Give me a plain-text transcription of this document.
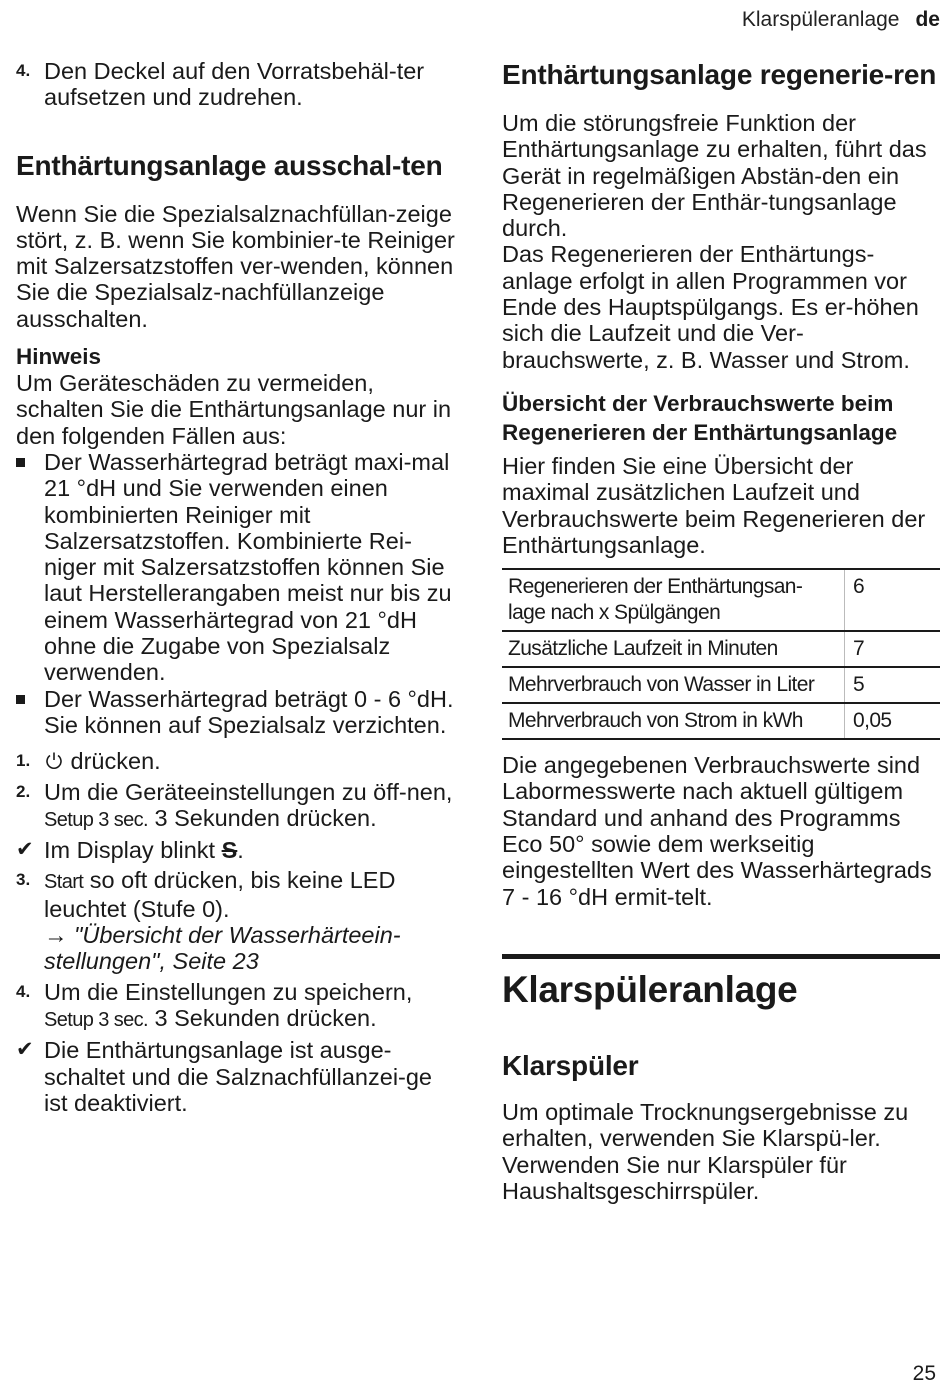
Klarspüleranlage de
4. Den Deckel auf den Vorratsbehäl-ter aufsetzen und zudrehen.
Enthärtungsanlage ausschal-ten

Wenn Sie die Spezialsalznachfüllan-zeige stört, z. B. wenn Sie kombinier-te Reiniger mit Salzersatzstoffen ver-wenden, können Sie die Spezialsalz-nachfüllanzeige ausschalten.

Hinweis

Um Geräteschäden zu vermeiden, schalten Sie die Enthärtungsanlage nur in den folgenden Fällen aus:

Der Wasserhärtegrad beträgt maxi-mal 21 °dH und Sie verwenden einen kombinierten Reiniger mit Salzersatzstoffen. Kombinierte Rei-niger mit Salzersatzstoffen können Sie laut Herstellerangaben meist nur bis zu einem Wasserhärtegrad von 21 °dH ohne die Zugabe von Spezialsalz verwenden.
Der Wasserhärtegrad beträgt 0 - 6 °dH. Sie können auf Spezialsalz verzichten.
1.	drücken.
2. Um die Geräteeinstellungen zu öff-nen, Setup 3 sec. 3 Sekunden drücken.
✔ Im Display blinkt S.
3. Start so oft drücken, bis keine LED leuchtet (Stufe 0).
→ "Übersicht der Wasserhärteein-stellungen", Seite 23
4. Um die Einstellungen zu speichern, Setup 3 sec. 3 Sekunden drücken.
✔ Die Enthärtungsanlage ist ausge-schaltet und die Salznachfüllanzei-ge ist deaktiviert.
Enthärtungsanlage regenerie-ren

Um die störungsfreie Funktion der Enthärtungsanlage zu erhalten, führt das Gerät in regelmäßigen Abstän-den ein Regenerieren der Enthär-tungsanlage durch.

Das Regenerieren der Enthärtungs-anlage erfolgt in allen Programmen vor Ende des Hauptspülgangs. Es er-höhen sich die Laufzeit und die Ver-brauchswerte, z. B. Wasser und Strom.

Übersicht der Verbrauchswerte beim Regenerieren der Enthärtungsanlage

Hier finden Sie eine Übersicht der maximal zusätzlichen Laufzeit und Verbrauchswerte beim Regenerieren der Enthärtungsanlage.

Regenerieren der Enthärtungsan-lage nach x Spülgängen	6
Zusätzliche Laufzeit in Minuten	7
Mehrverbrauch von Wasser in Liter	5
Mehrverbrauch von Strom in kWh	0,05

Die angegebenen Verbrauchswerte sind Labormesswerte nach aktuell gültigem Standard und anhand des Programms Eco 50° sowie dem werkseitig eingestellten Wert des Wasserhärtegrads 7 - 16 °dH ermit-telt.

Klarspüleranlage
Klarspüler

Um optimale Trocknungsergebnisse zu erhalten, verwenden Sie Klarspü-ler.

Verwenden Sie nur Klarspüler für Haushaltsgeschirrspüler.

25
